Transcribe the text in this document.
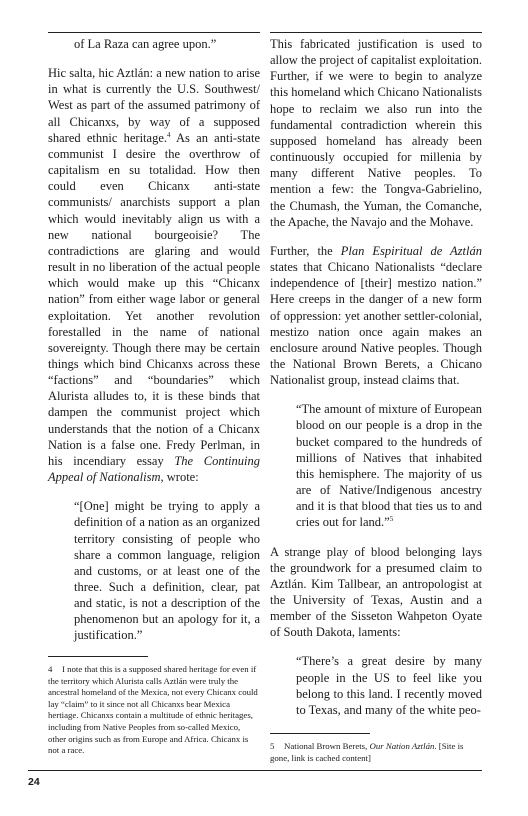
of La Raza can agree upon.”

Hic salta, hic Aztlán: a new nation to arise in what is currently the U.S. Southwest/ West as part of the assumed patrimony of all Chicanxs, by way of a supposed shared ethnic heritage.$^4$ As an anti-state communist I desire the overthrow of capitalism en su totalidad. How then could even Chicanx anti-state communists/ anarchists support a plan which would inevitably align us with a new national bourgeoisie? The contradictions are glaring and would result in no liberation of the actual people which would make up this “Chicanx nation” from either wage labor or general exploitation. Yet another revolution forestalled in the name of national sovereignty. Though there may be certain things which bind Chicanxs across these “factions” and “boundaries” which Alurista alludes to, it is these binds that dampen the communist project which understands that the notion of a Chicanx Nation is a false one. Fredy Perlman, in his incendiary essay The Continuing Appeal of Nationalism, wrote:

“[One] might be trying to apply a definition of a nation as an organized territory consisting of people who share a common language, religion and customs, or at least one of the three. Such a definition, clear, pat and static, is not a description of the phenomenon but an apology for it, a justification.”

This fabricated justification is used to allow the project of capitalist exploitation. Further, if we were to begin to analyze this homeland which Chicano Nationalists hope to reclaim we also run into the fundamental contradiction wherein this supposed homeland has already been continuously occupied for millenia by many different Native peoples. To mention a few: the Tongva-Gabrielino, the Chumash, the Yuman, the Comanche, the Apache, the Navajo and the Mohave.

Further, the Plan Espiritual de Aztlán states that Chicano Nationalists “declare independence of [their] mestizo nation.” Here creeps in the danger of a new form of oppression: yet another settler-colonial, mestizo nation once again makes an enclosure around Native peoples. Though the National Brown Berets, a Chicano Nationalist group, instead claims that.

“The amount of mixture of European blood on our people is a drop in the bucket compared to the hundreds of millions of Natives that inhabited this hemisphere. The majority of us are of Native/Indigenous ancestry and it is that blood that ties us to and cries out for land.”$^5$

A strange play of blood belonging lays the groundwork for a presumed claim to Aztlán. Kim Tallbear, an antropologist at the University of Texas, Austin and a member of the Sisseton Wahpeton Oyate of South Dakota, laments:

“There’s a great desire by many people in the US to feel like you belong to this land. I recently moved to Texas, and many of the white peo-

4 I note that this is a supposed shared heritage for even if the territory which Alurista calls Aztlán were truly the ancestral homeland of the Mexica, not every Chicanx could lay “claim” to it since not all Chicanxs bear Mexica hertiage. Chicanxs contain a multitude of ethnic heritages, including from Native Peoples from so-called Mexico, other origins such as from Europe and Africa. Chicanx is not a race.	5 National Brown Berets, Our Nation Aztlán. [Site is gone, link is cached content]
24
